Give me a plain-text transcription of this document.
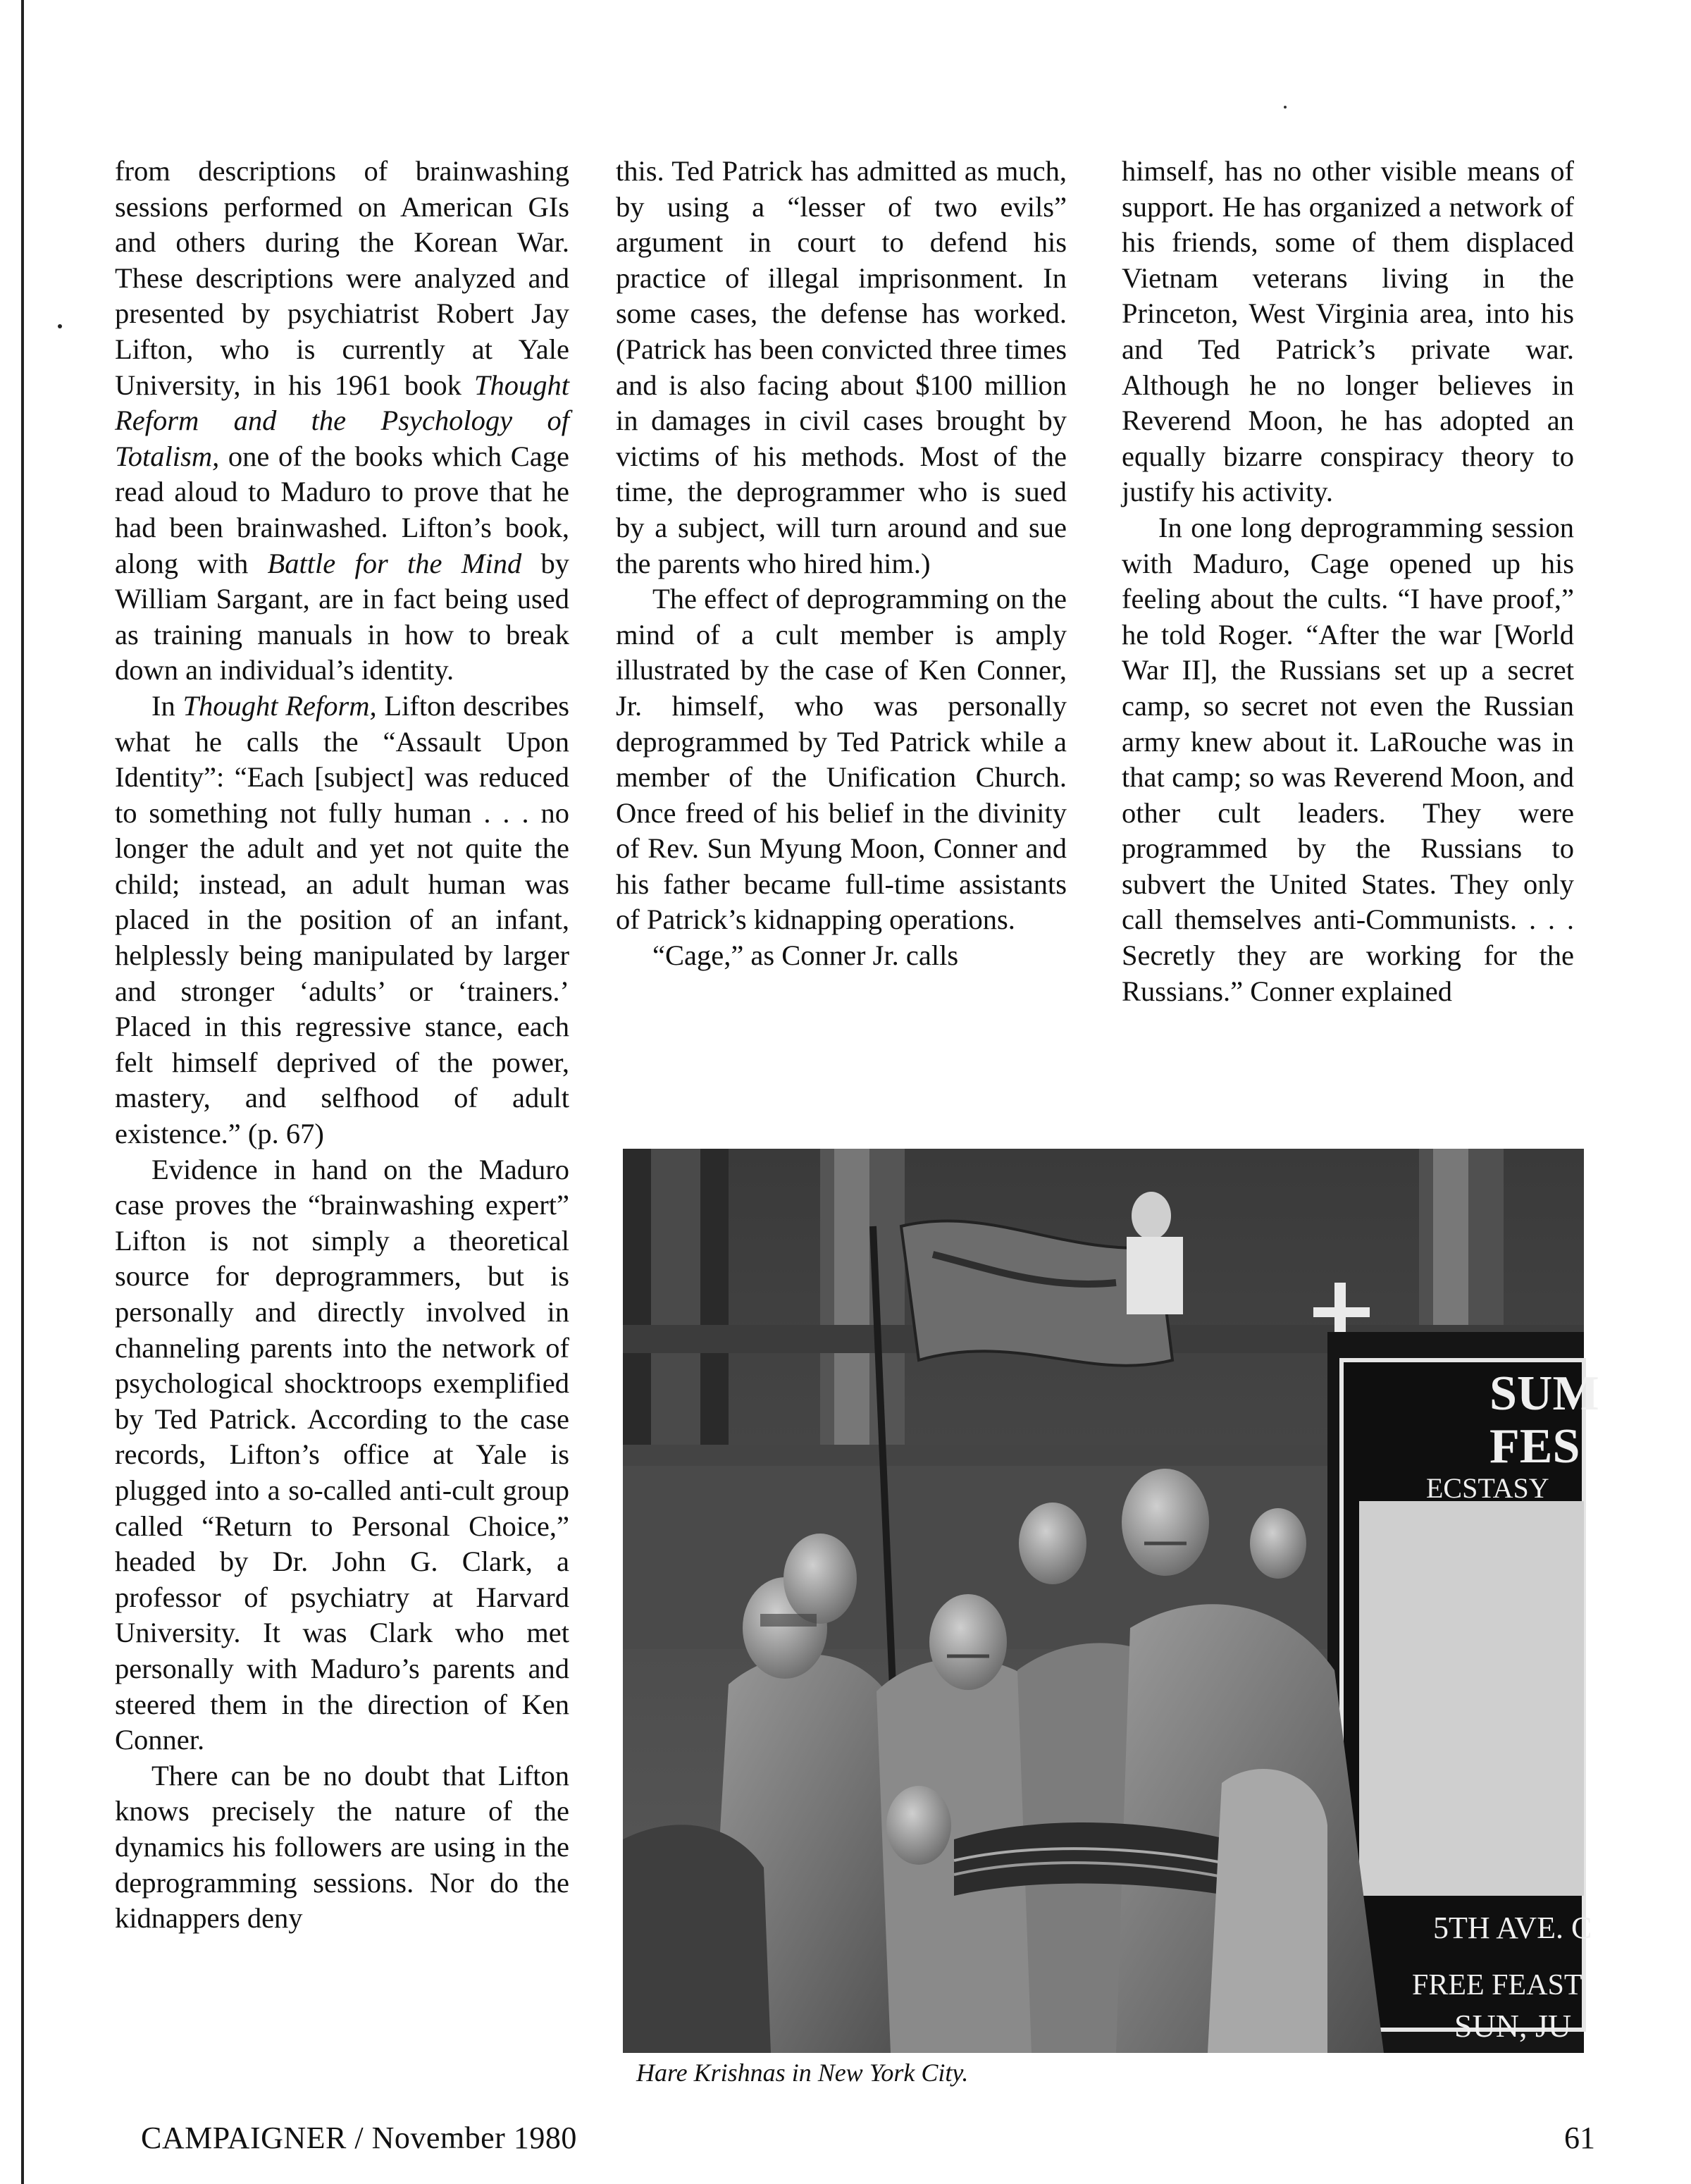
from descriptions of brainwashing sessions performed on American GIs and others during the Korean War. These descriptions were analyzed and presented by psychiatrist Robert Jay Lifton, who is currently at Yale University, in his 1961 book Thought Reform and the Psychology of Totalism, one of the books which Cage read aloud to Maduro to prove that he had been brainwashed. Lifton’s book, along with Battle for the Mind by William Sargant, are in fact being used as training manuals in how to break down an individual’s identity.

In Thought Reform, Lifton describes what he calls the “Assault Upon Identity”: “Each [subject] was reduced to something not fully human . . . no longer the adult and yet not quite the child; instead, an adult human was placed in the position of an infant, helplessly being manipulated by larger and stronger ‘adults’ or ‘trainers.’ Placed in this regressive stance, each felt himself deprived of the power, mastery, and selfhood of adult existence.” (p. 67)

Evidence in hand on the Maduro case proves the “brainwashing expert” Lifton is not simply a theoretical source for deprogrammers, but is personally and directly involved in channeling parents into the network of psychological shocktroops exemplified by Ted Patrick. According to the case records, Lifton’s office at Yale is plugged into a so-called anti-cult group called “Return to Personal Choice,” headed by Dr. John G. Clark, a professor of psychiatry at Harvard University. It was Clark who met personally with Maduro’s parents and steered them in the direction of Ken Conner.

There can be no doubt that Lifton knows precisely the nature of the dynamics his followers are using in the deprogramming sessions. Nor do the kidnappers deny

this. Ted Patrick has admitted as much, by using a “lesser of two evils” argument in court to defend his practice of illegal imprisonment. In some cases, the defense has worked. (Patrick has been convicted three times and is also facing about $100 million in damages in civil cases brought by victims of his methods. Most of the time, the deprogrammer who is sued by a subject, will turn around and sue the parents who hired him.)

The effect of deprogramming on the mind of a cult member is amply illustrated by the case of Ken Conner, Jr. himself, who was personally deprogrammed by Ted Patrick while a member of the Unification Church. Once freed of his belief in the divinity of Rev. Sun Myung Moon, Conner and his father became full-time assistants of Patrick’s kidnapping operations.

“Cage,” as Conner Jr. calls

himself, has no other visible means of support. He has organized a network of his friends, some of them displaced Vietnam veterans living in the Princeton, West Virginia area, into his and Ted Patrick’s private war. Although he no longer believes in Reverend Moon, he has adopted an equally bizarre conspiracy theory to justify his activity.

In one long deprogramming session with Maduro, Cage opened up his feeling about the cults. “I have proof,” he told Roger. “After the war [World War II], the Russians set up a secret camp, so secret not even the Russian army knew about it. LaRouche was in that camp; so was Reverend Moon, and other cult leaders. They were programmed by the Russians to subvert the United States. They only call themselves anti-Communists. . . . Secretly they are working for the Russians.” Conner explained

SUM
FES
ECSTASY
5TH AVE. C
FREE FEAST
SUN, JU
Hare Krishnas in New York City.
CAMPAIGNER / November 1980	61
